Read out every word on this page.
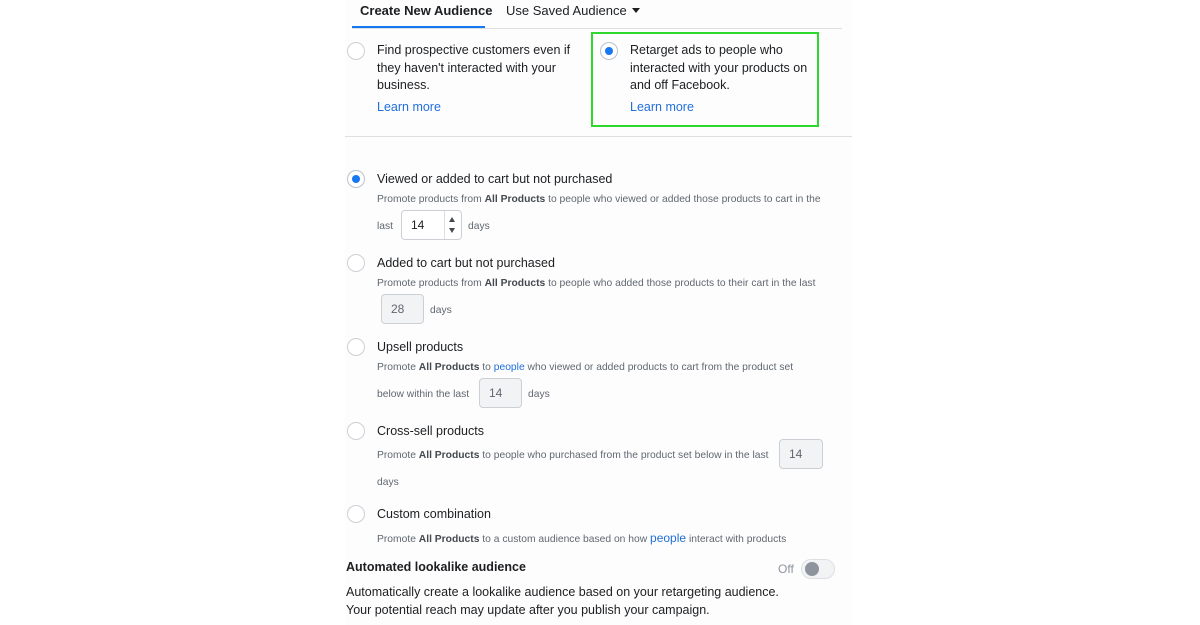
Create New Audience Use Saved Audience
Find prospective customers even if
they haven't interacted with your
business.
Learn more
Retarget ads to people who
interacted with your products on
and off Facebook.
Learn more
Viewed or added to cart but not purchased
Promote products from All Products to people who viewed or added those products to cart in the
last	14	days
Added to cart but not purchased
Promote products from All Products to people who added those products to their cart in the last
28	days
Upsell products
Promote All Products to people who viewed or added products to cart from the product set
below within the last	14	days
Cross-sell products
Promote All Products to people who purchased from the product set below in the last	14
days
Custom combination
Promote All Products to a custom audience based on how people interact with products
Automated lookalike audience	Off
Automatically create a lookalike audience based on your retargeting audience.
Your potential reach may update after you publish your campaign.
